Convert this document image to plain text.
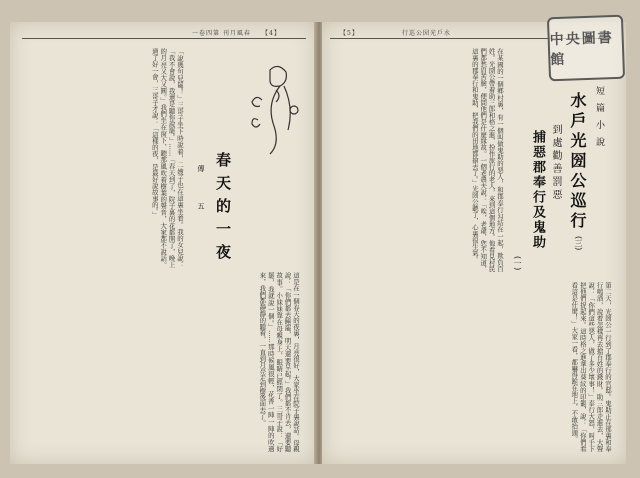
一卷四第 刊月風春 【4】
春天的一夜
傳 五
「說幾句兒罷！」三哥子坐下時說着，二嫂子也在這裏坐着。我的女兒說：「我不會說，我還是聽你說罷。」……「春天到了，院子裏的花都開了，晚上的月亮又大又圓。」我們坐在窗下，聽那風吹着樹葉的聲音，大家都不說話。過了好一會，三哥子才說：「這樣的夜，是最好說故事的。」
這是在一個春天的夜裏，月亮很好，大家坐在院子裏說話。母親說：「你們都去睡罷，明天還要早起。」我們都不肯去，還要聽故事。小妹妹靠在母親身上，眼睛已經閉了。三哥子說：「好罷，我就說一個。」……那時候風很輕，花香一陣一陣的吹過來，我們都靜靜的聽着，一直到月亮走到樹後面去了。
【5】	行巡公圀光戶水	中央圖書館
短篇小說
水戶光圀公巡行
(三)
到處勸善罰惡
捕惡郡奉行及鬼助
(一)
在某國的一個鄉村裏，有一個叫做鬼助的惡人，和郡奉行勾結在一起，欺負百姓。光圀公帶着助三郎和格之進，扮作旅行的老人，來到這個地方。他看見村民們都愁眉苦臉，便問他們是什麼緣故。一個老農夫說：「唉，老爺，您不知道，這裏的郡奉行和鬼助，把我們的田地都搶去了。」光圀公聽了，心裏很生氣。
第二天，光圀公一行到了郡奉行的官邸。鬼助正在那裏和奉行喝酒，說着怎樣再去搶百姓的錢財。助三郎走進去，大聲說：「你們這些惡人，做了多少壞事！」奉行大怒，叫手下把他們捉起來。這時格之進拿出葵紋的印籠，說：「你們看看這是什麼！」大家一看，都嚇得跪在地上，不敢抬頭。
